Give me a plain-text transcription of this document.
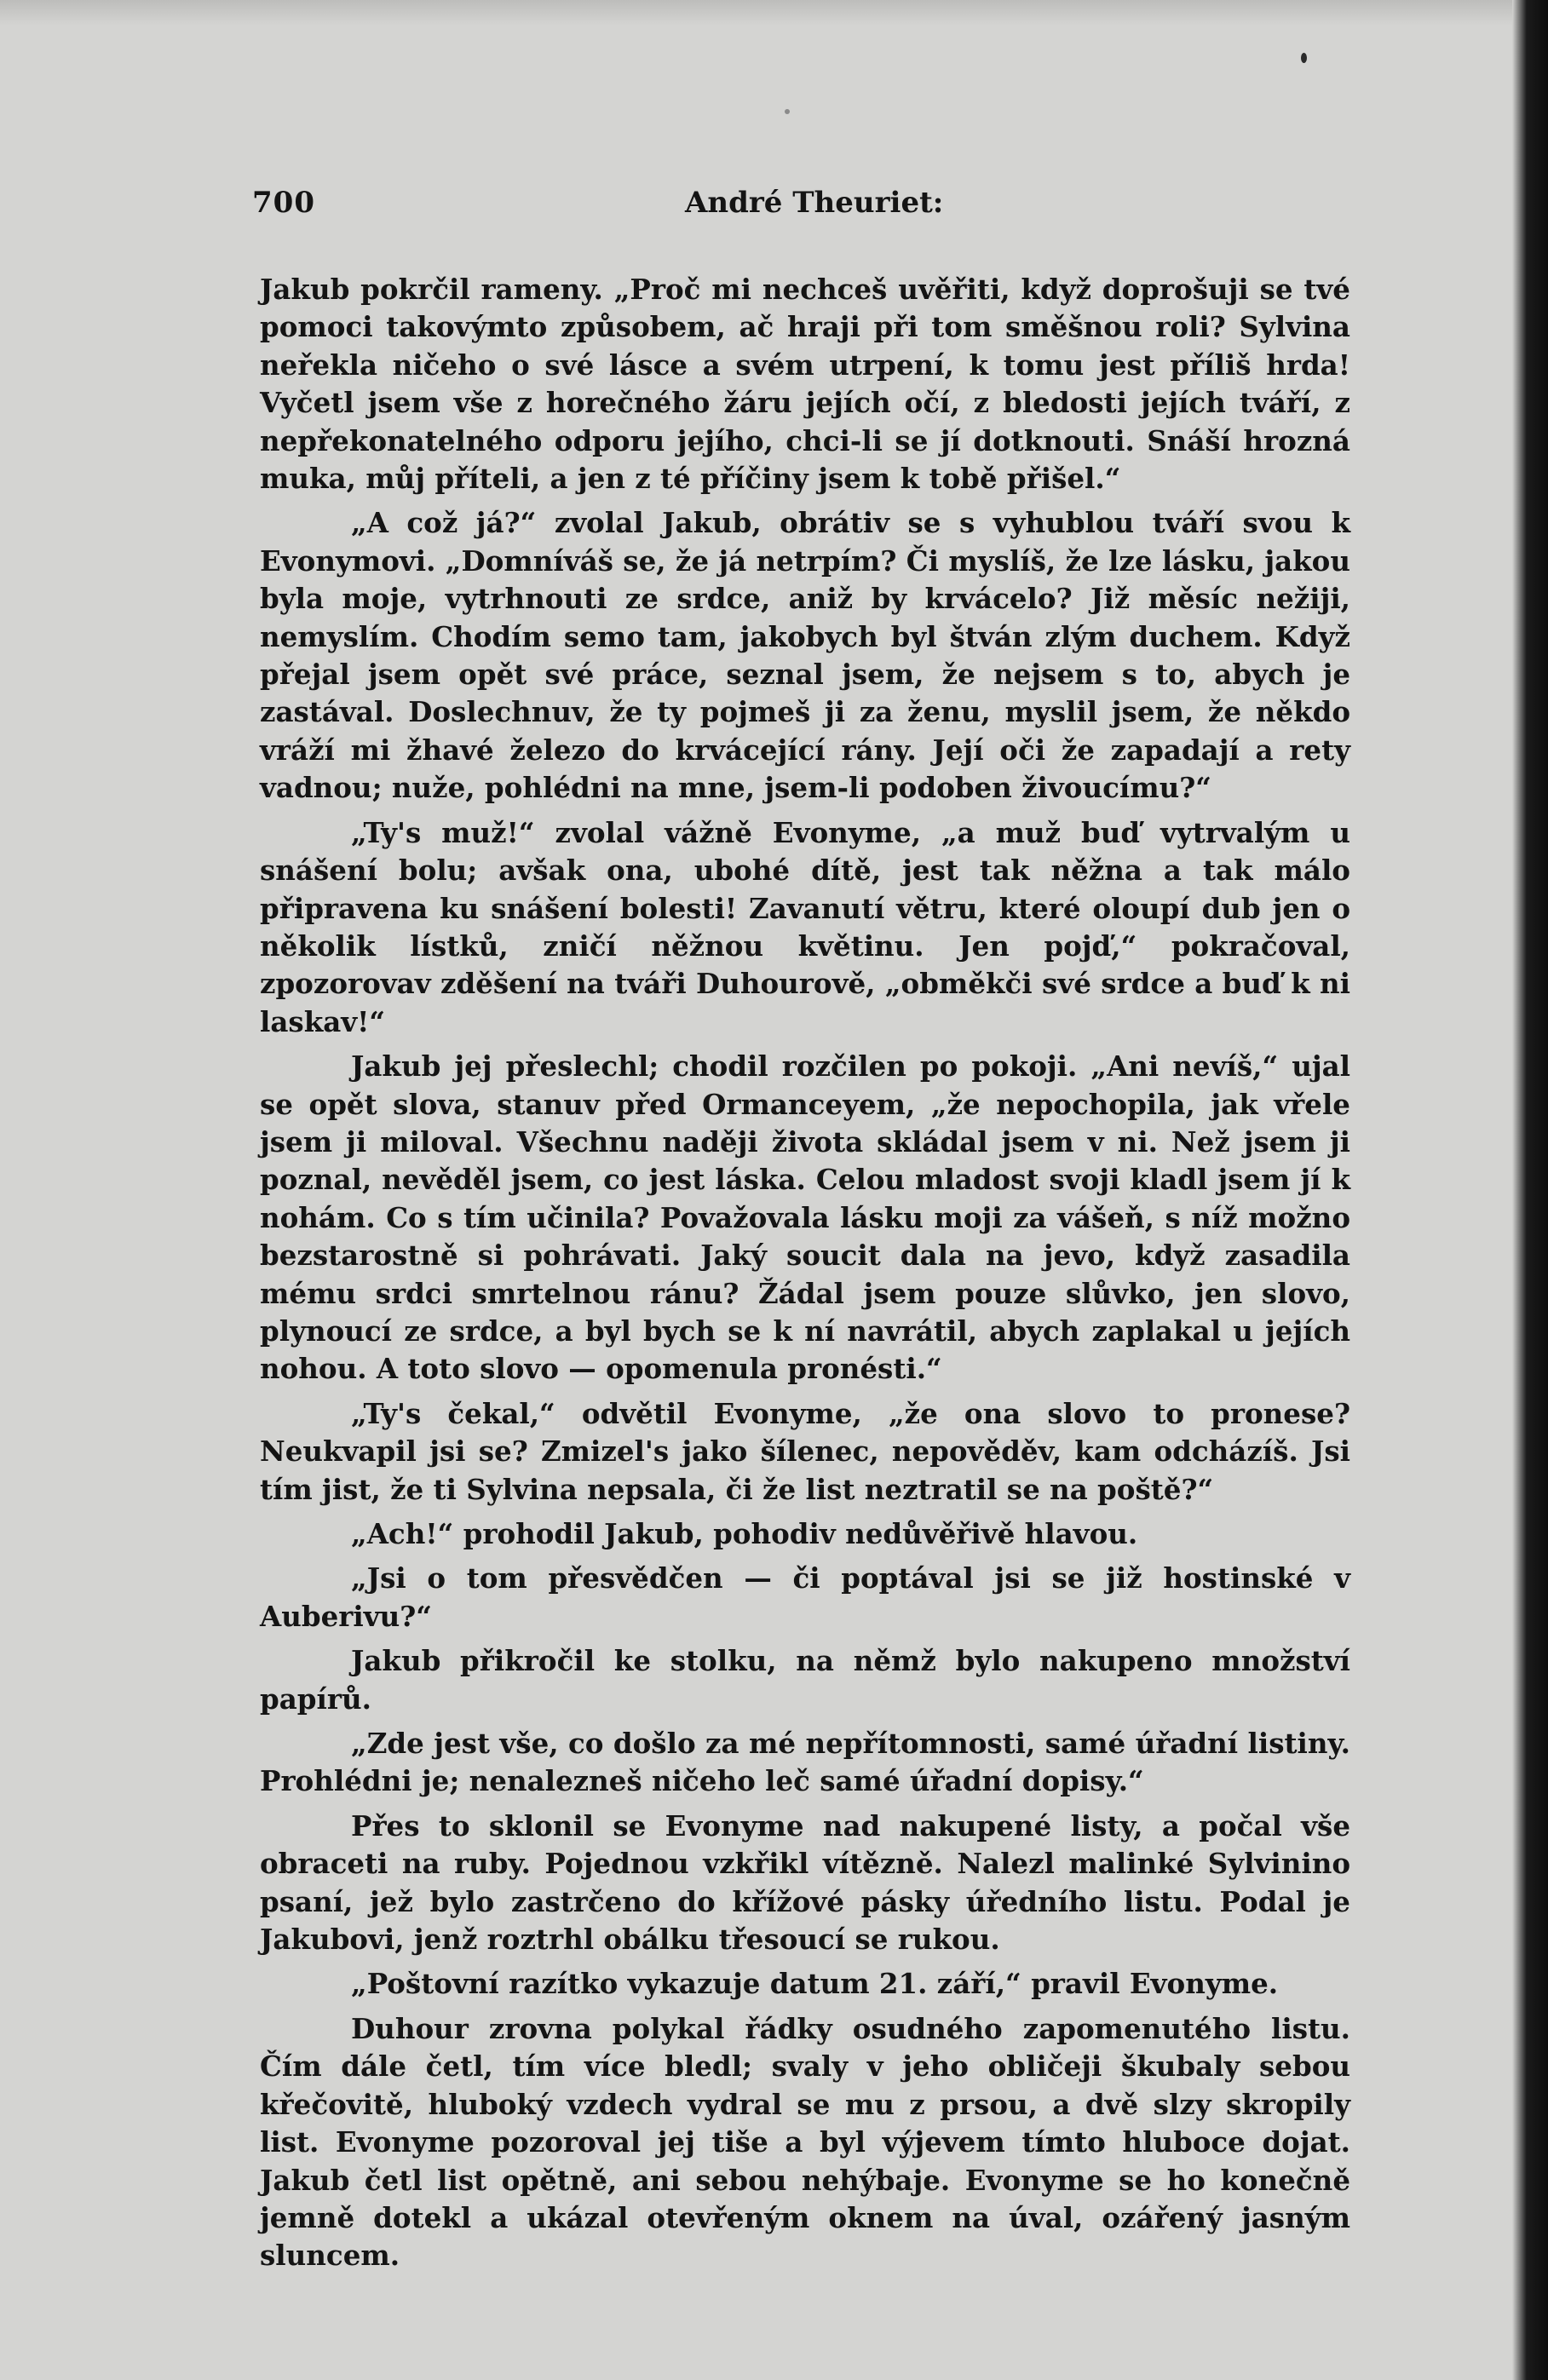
700	André Theuriet:

Jakub pokrčil rameny. „Proč mi nechceš uvěřiti, když doprošuji se tvé pomoci takovýmto způsobem, ač hraji při tom směšnou roli? Sylvina neřekla ničeho o své lásce a svém utrpení, k tomu jest příliš hrda! Vyčetl jsem vše z horečného žáru jejích očí, z bledosti jejích tváří, z nepřekonatelného odporu jejího, chci-li se jí dotknouti. Snáší hrozná muka, můj příteli, a jen z té příčiny jsem k tobě přišel.“

„A což já?“ zvolal Jakub, obrátiv se s vyhublou tváří svou k Evonymovi. „Domníváš se, že já netrpím? Či myslíš, že lze lásku, jakou byla moje, vytrhnouti ze srdce, aniž by krvácelo? Již měsíc nežiji, nemyslím. Chodím semo tam, jakobych byl štván zlým duchem. Když přejal jsem opět své práce, seznal jsem, že nejsem s to, abych je zastával. Doslechnuv, že ty pojmeš ji za ženu, myslil jsem, že někdo vráží mi žhavé železo do krvácející rány. Její oči že zapadají a rety vadnou; nuže, pohlédni na mne, jsem-li podoben živoucímu?“

„Ty's muž!“ zvolal vážně Evonyme, „a muž buď vytrvalým u snášení bolu; avšak ona, ubohé dítě, jest tak něžna a tak málo připravena ku snášení bolesti! Zavanutí větru, které oloupí dub jen o několik lístků, zničí něžnou květinu. Jen pojď,“ pokračoval, zpozorovav zděšení na tváři Duhourově, „obměkči své srdce a buď k ni laskav!“

Jakub jej přeslechl; chodil rozčilen po pokoji. „Ani nevíš,“ ujal se opět slova, stanuv před Ormanceyem, „že nepochopila, jak vřele jsem ji miloval. Všechnu naději života skládal jsem v ni. Než jsem ji poznal, nevěděl jsem, co jest láska. Celou mladost svoji kladl jsem jí k nohám. Co s tím učinila? Považovala lásku moji za vášeň, s níž možno bezstarostně si pohrávati. Jaký soucit dala na jevo, když zasadila mému srdci smrtelnou ránu? Žádal jsem pouze slůvko, jen slovo, plynoucí ze srdce, a byl bych se k ní navrátil, abych zaplakal u jejích nohou. A toto slovo — opomenula pronésti.“

„Ty's čekal,“ odvětil Evonyme, „že ona slovo to pronese? Neukvapil jsi se? Zmizel's jako šílenec, nepověděv, kam odcházíš. Jsi tím jist, že ti Sylvina nepsala, či že list neztratil se na poště?“

„Ach!“ prohodil Jakub, pohodiv nedůvěřivě hlavou.

„Jsi o tom přesvědčen — či poptával jsi se již hostinské v Auberivu?“

Jakub přikročil ke stolku, na němž bylo nakupeno množství papírů.

„Zde jest vše, co došlo za mé nepřítomnosti, samé úřadní listiny. Prohlédni je; nenalezneš ničeho leč samé úřadní dopisy.“

Přes to sklonil se Evonyme nad nakupené listy, a počal vše obraceti na ruby. Pojednou vzkřikl vítězně. Nalezl malinké Sylvinino psaní, jež bylo zastrčeno do křížové pásky úředního listu. Podal je Jakubovi, jenž roztrhl obálku třesoucí se rukou.

„Poštovní razítko vykazuje datum 21. září,“ pravil Evonyme.

Duhour zrovna polykal řádky osudného zapomenutého listu. Čím dále četl, tím více bledl; svaly v jeho obličeji škubaly sebou křečovitě, hluboký vzdech vydral se mu z prsou, a dvě slzy skropily list. Evonyme pozoroval jej tiše a byl výjevem tímto hluboce dojat. Jakub četl list opětně, ani sebou nehýbaje. Evonyme se ho konečně jemně dotekl a ukázal otevřeným oknem na úval, ozářený jasným sluncem.
